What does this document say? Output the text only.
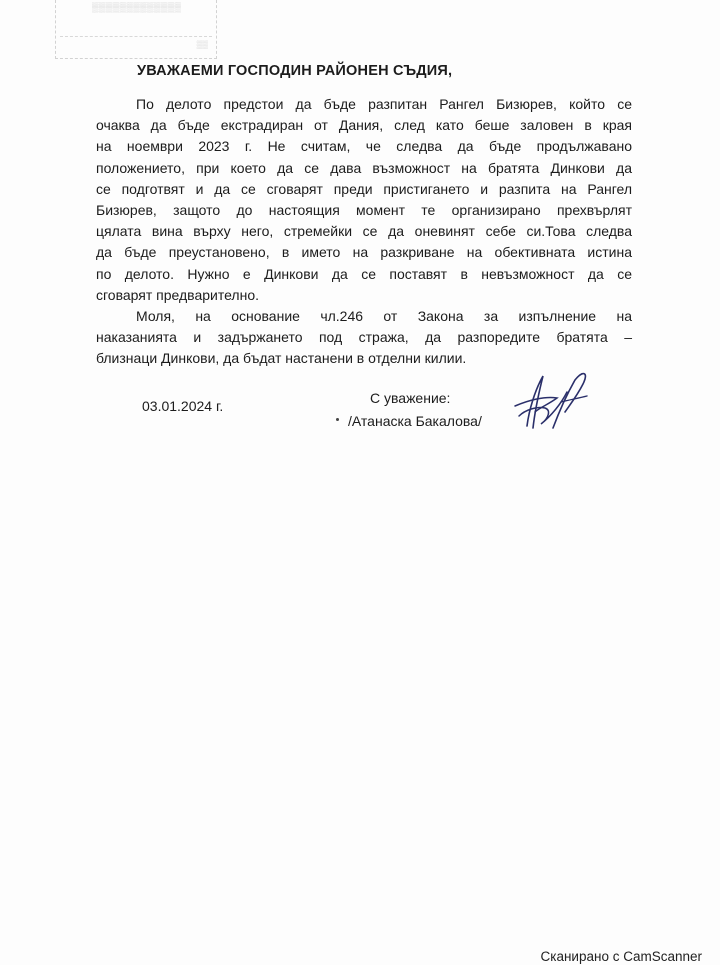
▒▒▒▒▒▒▒▒▒▒▒▒▒
▒▒
УВАЖАЕМИ ГОСПОДИН РАЙОНЕН СЪДИЯ,
По делото предстои да бъде разпитан Рангел Бизюрев, който се
очаква да бъде екстрадиран от Дания, след като беше заловен в края
на ноември 2023 г. Не считам, че следва да бъде продължавано
положението, при което да се дава възможност на братята Динкови да
се подготвят и да се сговарят преди пристигането и разпита на Рангел
Бизюрев, защото до настоящия момент те организирано прехвърлят
цялата вина върху него, стремейки се да оневинят себе си.Това следва
да бъде преустановено, в името на разкриване на обективната истина
по делото. Нужно е Динкови да се поставят в невъзможност да се
сговарят предварително.
Моля, на основание чл.246 от Закона за изпълнение на
наказанията и задържането под стража, да разпоредите братята –
близнаци Динкови, да бъдат настанени в отделни килии.
03.01.2024 г.	С уважение:
/Атанаска Бакалова/
Сканирано с CamScanner
